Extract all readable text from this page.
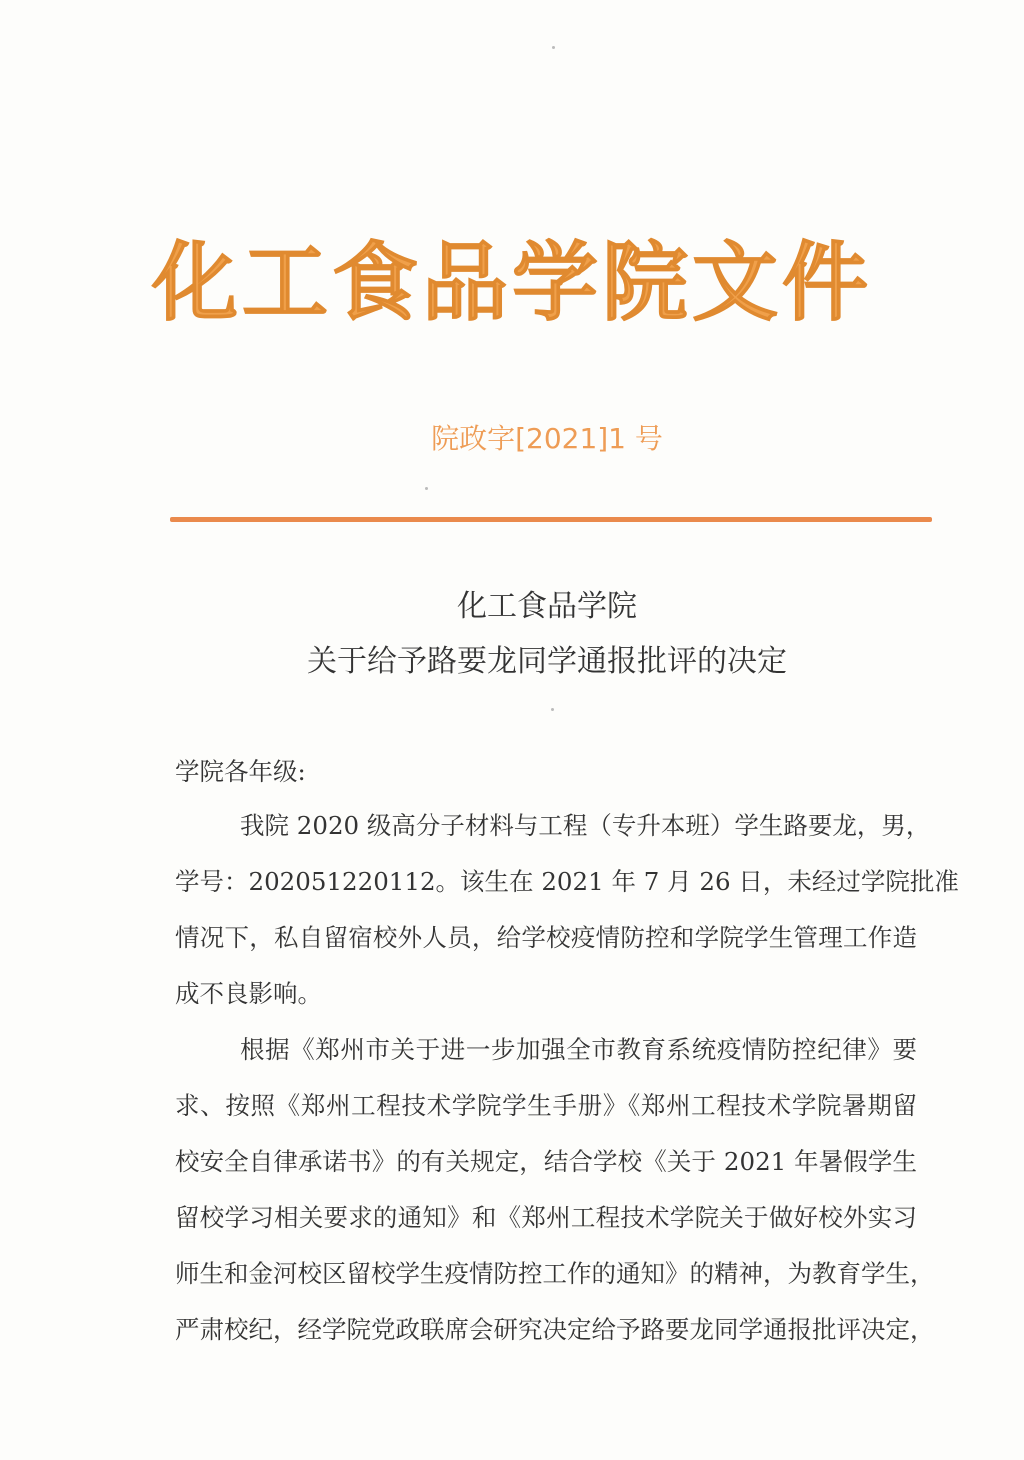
化工食品学院文件
院政字[2021]1 号
化工食品学院
关于给予路要龙同学通报批评的决定
学院各年级:
我院 2020 级高分子材料与工程（专升本班）学生路要龙，男，
学号：202051220112。该生在 2021 年 7 月 26 日，未经过学院批准
情况下，私自留宿校外人员，给学校疫情防控和学院学生管理工作造
成不良影响。
根据《郑州市关于进一步加强全市教育系统疫情防控纪律》要
求、按照《郑州工程技术学院学生手册》《郑州工程技术学院暑期留
校安全自律承诺书》的有关规定，结合学校《关于 2021 年暑假学生
留校学习相关要求的通知》和《郑州工程技术学院关于做好校外实习
师生和金河校区留校学生疫情防控工作的通知》的精神，为教育学生，
严肃校纪，经学院党政联席会研究决定给予路要龙同学通报批评决定，
